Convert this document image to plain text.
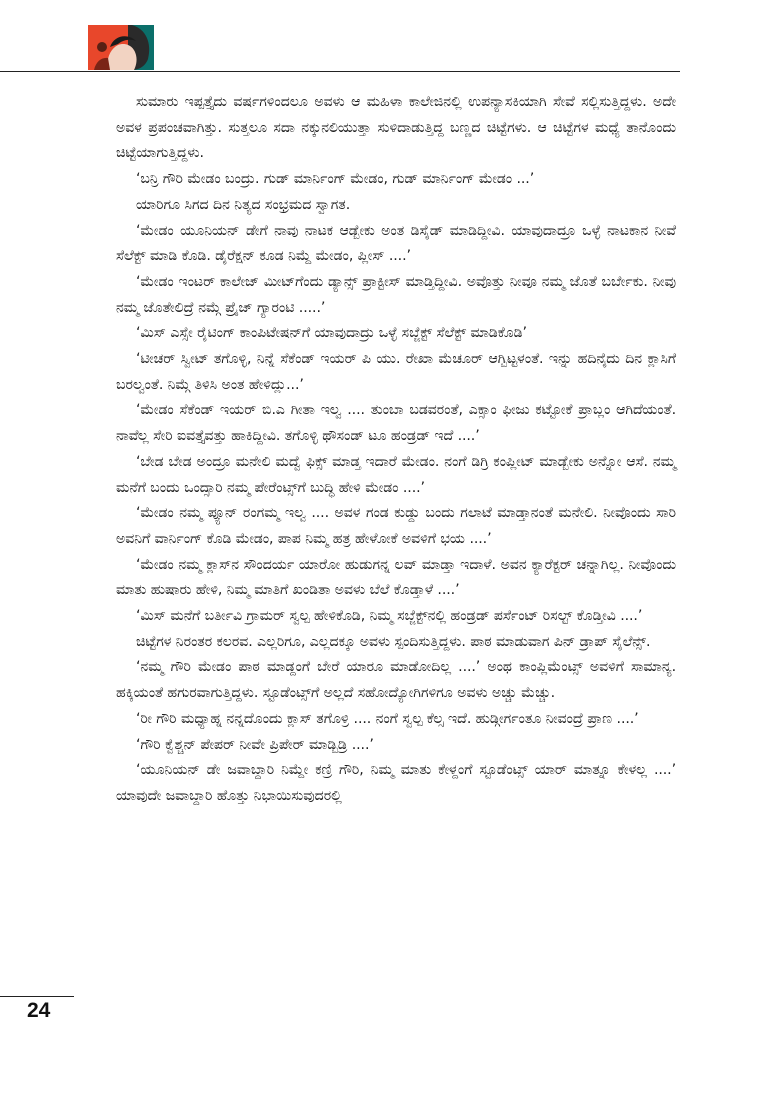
ಸುಮಾರು ಇಪ್ಪತ್ತೈದು ವರ್ಷಗಳಿಂದಲೂ ಅವಳು ಆ ಮಹಿಳಾ ಕಾಲೇಜಿನಲ್ಲಿ ಉಪನ್ಯಾಸಕಿಯಾಗಿ ಸೇವೆ ಸಲ್ಲಿಸುತ್ತಿದ್ದಳು. ಅದೇ ಅವಳ ಪ್ರಪಂಚವಾಗಿತ್ತು. ಸುತ್ತಲೂ ಸದಾ ನಕ್ಕುನಲಿಯುತ್ತಾ ಸುಳಿದಾಡುತ್ತಿದ್ದ ಬಣ್ಣದ ಚಿಟ್ಟೆಗಳು. ಆ ಚಿಟ್ಟೆಗಳ ಮಧ್ಯೆ ತಾನೊಂದು ಚಿಟ್ಟೆಯಾಗುತ್ತಿದ್ದಳು.

‘ಬನ್ರಿ ಗೌರಿ ಮೇಡಂ ಬಂದ್ರು. ಗುಡ್ ಮಾರ್ನಿಂಗ್ ಮೇಡಂ, ಗುಡ್ ಮಾರ್ನಿಂಗ್ ಮೇಡಂ ...’

ಯಾರಿಗೂ ಸಿಗದ ದಿನ ನಿತ್ಯದ ಸಂಭ್ರಮದ ಸ್ವಾಗತ.

‘ಮೇಡಂ ಯೂನಿಯನ್ ಡೇಗೆ ನಾವು ನಾಟಕ ಆಡ್ಬೇಕು ಅಂತ ಡಿಸೈಡ್ ಮಾಡಿದ್ದೀವಿ. ಯಾವುದಾದ್ರೂ ಒಳ್ಳೆ ನಾಟಕಾನ ನೀವೆ ಸೆಲೆಕ್ಟ್ ಮಾಡಿ ಕೊಡಿ. ಡೈರೆಕ್ಷನ್ ಕೂಡ ನಿಮ್ದೆ ಮೇಡಂ, ಪ್ಲೀಸ್ ....’

‘ಮೇಡಂ ಇಂಟರ್ ಕಾಲೇಜ್ ಮೀಟ್‌ಗೆಂದು ಡ್ಯಾನ್ಸ್ ಪ್ರಾಕ್ಟೀಸ್ ಮಾಡ್ತಿದ್ದೀವಿ. ಅವೊತ್ತು ನೀವೂ ನಮ್ಮ ಜೊತೆ ಬರ್ಬೇಕು. ನೀವು ನಮ್ಮ ಜೊತೇಲಿದ್ರೆ ನಮ್ಗೆ ಪ್ರೈಜ್ ಗ್ಯಾರಂಟಿ .....’

‘ಮಿಸ್ ಎಸ್ಸೇ ರೈಟಿಂಗ್ ಕಾಂಪಿಟೇಷನ್‌ಗೆ ಯಾವುದಾದ್ರು ಒಳ್ಳೆ ಸಬ್ಜೆಕ್ಟ್ ಸೆಲೆಕ್ಟ್ ಮಾಡಿಕೊಡಿ’

‘ಟೀಚರ್ ಸ್ವೀಟ್ ತಗೊಳ್ಳಿ, ನಿನ್ನೆ ಸೆಕೆಂಡ್ ಇಯರ್ ಪಿ ಯು. ರೇಖಾ ಮೆಚೂರ್ ಆಗ್ಬಿಟ್ಟಳಂತೆ. ಇನ್ನು ಹದಿನೈದು ದಿನ ಕ್ಲಾಸಿಗೆ ಬರಲ್ವಂತೆ. ನಿಮ್ಗೆ ತಿಳಿಸಿ ಅಂತ ಹೇಳಿದ್ಲು...’

‘ಮೇಡಂ ಸೆಕೆಂಡ್ ಇಯರ್ ಬಿ.ಎ ಗೀತಾ ಇಲ್ವ .... ತುಂಬಾ ಬಡವರಂತೆ, ಎಕ್ಸಾಂ ಫೀಜು ಕಟ್ಟೋಕೆ ಪ್ರಾಬ್ಲಂ ಆಗಿದೆಯಂತೆ. ನಾವೆಲ್ಲ ಸೇರಿ ಐವತ್ತೈವತ್ತು ಹಾಕಿದ್ದೀವಿ. ತಗೊಳ್ಳಿ ಥೌಸಂಡ್ ಟೂ ಹಂಡ್ರಡ್ ಇದೆ ....’

‘ಬೇಡ ಬೇಡ ಅಂದ್ರೂ ಮನೇಲಿ ಮದ್ವೆ ಫಿಕ್ಸ್ ಮಾಡ್ತ ಇದಾರೆ ಮೇಡಂ. ನಂಗೆ ಡಿಗ್ರಿ ಕಂಪ್ಲೀಟ್ ಮಾಡ್ಬೇಕು ಅನ್ನೋ ಆಸೆ. ನಮ್ಮ ಮನೆಗೆ ಬಂದು ಒಂದ್ಸಾರಿ ನಮ್ಮ ಪೇರೆಂಟ್ಸ್‌ಗೆ ಬುದ್ಧಿ ಹೇಳಿ ಮೇಡಂ ....’

‘ಮೇಡಂ ನಮ್ಮ ಪ್ಯೂನ್ ರಂಗಮ್ಮ ಇಲ್ವ .... ಅವಳ ಗಂಡ ಕುಡ್ದು ಬಂದು ಗಲಾಟೆ ಮಾಡ್ತಾನಂತೆ ಮನೇಲಿ. ನೀವೊಂದು ಸಾರಿ ಅವನಿಗೆ ವಾರ್ನಿಂಗ್ ಕೊಡಿ ಮೇಡಂ, ಪಾಪ ನಿಮ್ಮ ಹತ್ರ ಹೇಳೋಕೆ ಅವಳಿಗೆ ಭಯ ....’

‘ಮೇಡಂ ನಮ್ಮ ಕ್ಲಾಸ್‌ನ ಸೌಂದರ್ಯ ಯಾರೋ ಹುಡುಗನ್ನ ಲವ್ ಮಾಡ್ತಾ ಇದಾಳೆ. ಅವನ ಕ್ಯಾರೆಕ್ಟರ್ ಚನ್ನಾಗಿಲ್ಲ. ನೀವೊಂದು ಮಾತು ಹುಷಾರು ಹೇಳಿ, ನಿಮ್ಮ ಮಾತಿಗೆ ಖಂಡಿತಾ ಅವಳು ಬೆಲೆ ಕೊಡ್ತಾಳೆ ....’

‘ಮಿಸ್ ಮನೆಗೆ ಬರ್ತೀವಿ ಗ್ರಾಮರ್ ಸ್ವಲ್ಪ ಹೇಳಿಕೊಡಿ, ನಿಮ್ಮ ಸಬ್ಜೆಕ್ಟ್‌ನಲ್ಲಿ ಹಂಡ್ರಡ್ ಪರ್ಸೆಂಟ್ ರಿಸಲ್ಟ್ ಕೊಡ್ತೀವಿ ....’

ಚಿಟ್ಟೆಗಳ ನಿರಂತರ ಕಲರವ. ಎಲ್ಲರಿಗೂ, ಎಲ್ಲದಕ್ಕೂ ಅವಳು ಸ್ಪಂದಿಸುತ್ತಿದ್ದಳು. ಪಾಠ ಮಾಡುವಾಗ ಪಿನ್ ಡ್ರಾಪ್ ಸೈಲೆನ್ಸ್.

‘ನಮ್ಮ ಗೌರಿ ಮೇಡಂ ಪಾಠ ಮಾಡ್ದಂಗೆ ಬೇರೆ ಯಾರೂ ಮಾಡೋದಿಲ್ಲ ....’ ಅಂಥ ಕಾಂಪ್ಲಿಮೆಂಟ್ಸ್ ಅವಳಿಗೆ ಸಾಮಾನ್ಯ. ಹಕ್ಕಿಯಂತೆ ಹಗುರವಾಗುತ್ತಿದ್ದಳು. ಸ್ಟೂಡೆಂಟ್ಸ್‌ಗೆ ಅಲ್ಲದೆ ಸಹೋದ್ಯೋಗಿಗಳಿಗೂ ಅವಳು ಅಚ್ಚು ಮೆಚ್ಚು.

‘ರೀ ಗೌರಿ ಮಧ್ಯಾಹ್ನ ನನ್ನದೊಂದು ಕ್ಲಾಸ್ ತಗೊಳ್ರಿ .... ನಂಗೆ ಸ್ವಲ್ಪ ಕೆಲ್ಸ ಇದೆ. ಹುಡ್ಗೀರ್ಗಂತೂ ನೀವಂದ್ರೆ ಪ್ರಾಣ ....’

‘ಗೌರಿ ಕ್ವೆಶ್ಚನ್ ಪೇಪರ್ ನೀವೇ ಪ್ರಿಪೇರ್ ಮಾಡ್ಬಿಡ್ರಿ ....’

‘ಯೂನಿಯನ್ ಡೇ ಜವಾಬ್ದಾರಿ ನಿಮ್ದೇ ಕಣ್ರಿ ಗೌರಿ, ನಿಮ್ಮ ಮಾತು ಕೇಳ್ದಂಗೆ ಸ್ಟೂಡೆಂಟ್ಸ್ ಯಾರ್ ಮಾತ್ನೂ ಕೇಳಲ್ಲ ....’ ಯಾವುದೇ ಜವಾಬ್ದಾರಿ ಹೊತ್ತು ನಿಭಾಯಿಸುವುದರಲ್ಲಿ

24
